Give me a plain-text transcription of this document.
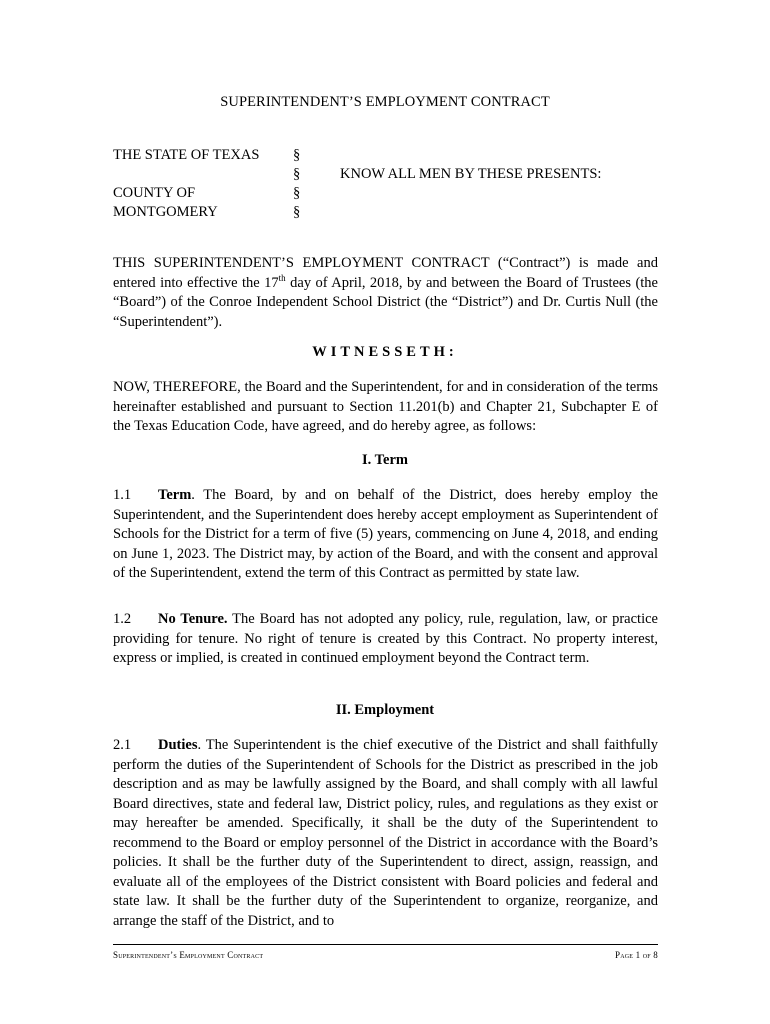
SUPERINTENDENT’S EMPLOYMENT CONTRACT
THE STATE OF TEXAS §
§	KNOW ALL MEN BY THESE PRESENTS:
COUNTY OF	§
MONTGOMERY	§

THIS SUPERINTENDENT’S EMPLOYMENT CONTRACT (“Contract”) is made and entered into effective the 17th day of April, 2018, by and between the Board of Trustees (the “Board”) of the Conroe Independent School District (the “District”) and Dr. Curtis Null (the “Superintendent”).

WITNESSETH:

NOW, THEREFORE, the Board and the Superintendent, for and in consideration of the terms hereinafter established and pursuant to Section 11.201(b) and Chapter 21, Subchapter E of the Texas Education Code, have agreed, and do hereby agree, as follows:

I. Term

1.1 Term. The Board, by and on behalf of the District, does hereby employ the Superintendent, and the Superintendent does hereby accept employment as Superintendent of Schools for the District for a term of five (5) years, commencing on June 4, 2018, and ending on June 1, 2023. The District may, by action of the Board, and with the consent and approval of the Superintendent, extend the term of this Contract as permitted by state law.

1.2 No Tenure. The Board has not adopted any policy, rule, regulation, law, or practice providing for tenure. No right of tenure is created by this Contract. No property interest, express or implied, is created in continued employment beyond the Contract term.

II. Employment

2.1 Duties. The Superintendent is the chief executive of the District and shall faithfully perform the duties of the Superintendent of Schools for the District as prescribed in the job description and as may be lawfully assigned by the Board, and shall comply with all lawful Board directives, state and federal law, District policy, rules, and regulations as they exist or may hereafter be amended. Specifically, it shall be the duty of the Superintendent to recommend to the Board or employ personnel of the District in accordance with the Board’s policies. It shall be the further duty of the Superintendent to direct, assign, reassign, and evaluate all of the employees of the District consistent with Board policies and federal and state law. It shall be the further duty of the Superintendent to organize, reorganize, and arrange the staff of the District, and to

Superintendent’s Employment Contract	Page 1 of 8
